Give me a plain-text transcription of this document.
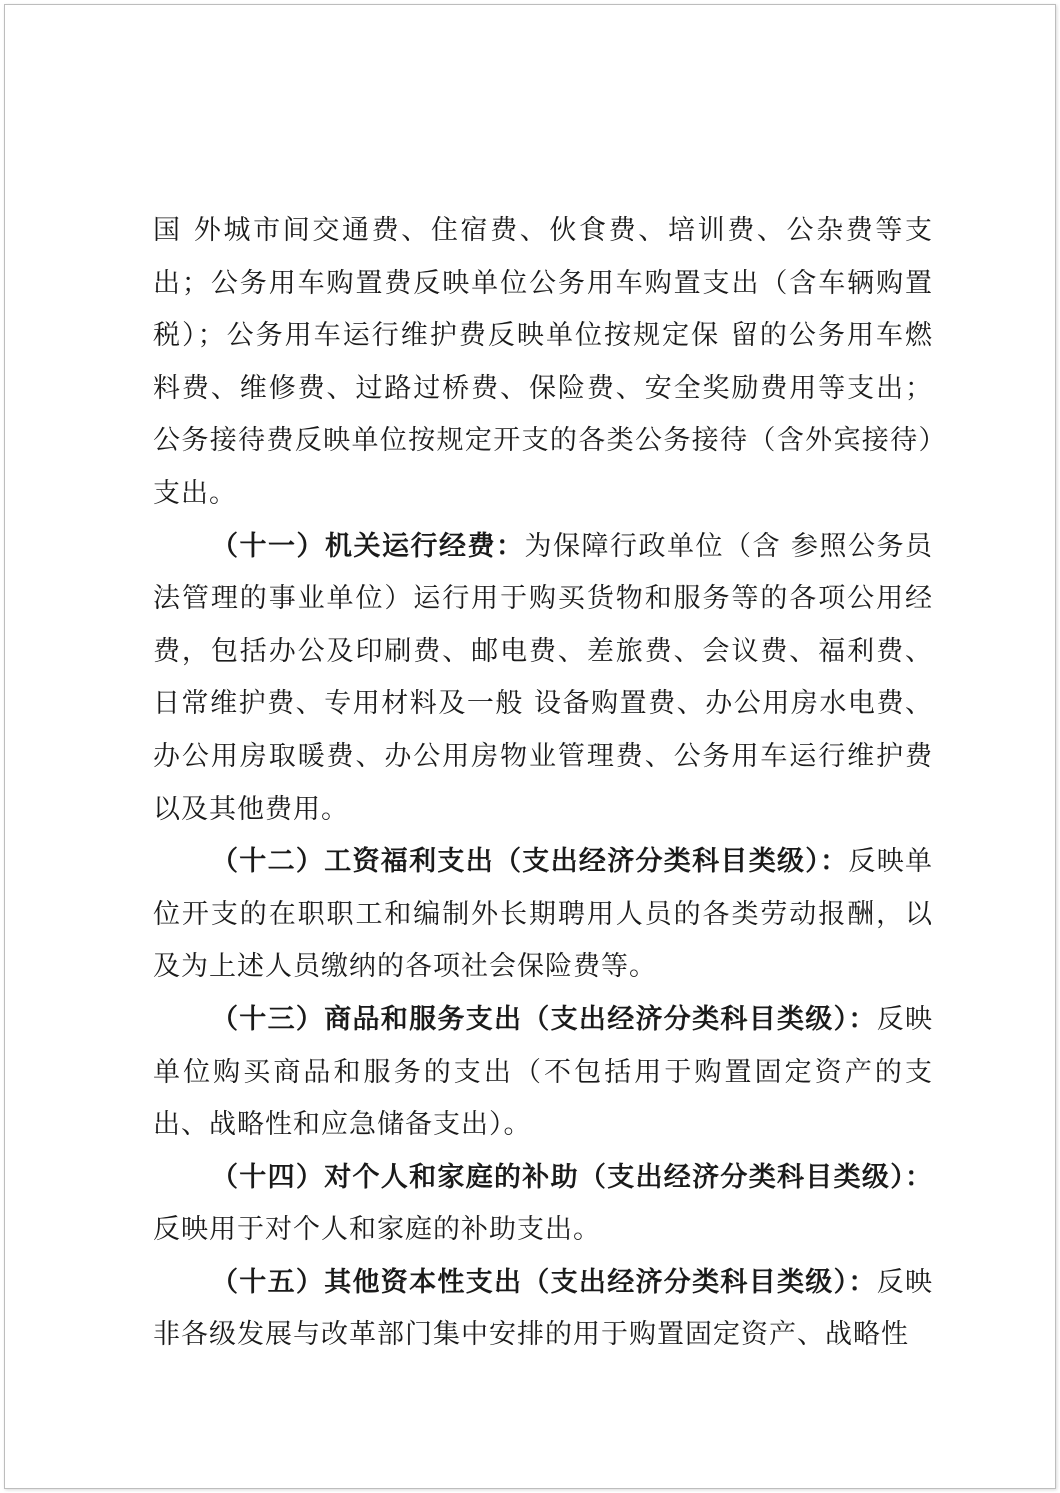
国 外城市间交通费、住宿费、伙食费、培训费、公杂费等支出；公务用车购置费反映单位公务用车购置支出（含车辆购置税）；公务用车运行维护费反映单位按规定保 留的公务用车燃料费、维修费、过路过桥费、保险费、安全奖励费用等支出；公务接待费反映单位按规定开支的各类公务接待（含外宾接待）支出。

（十一）机关运行经费：为保障行政单位（含 参照公务员法管理的事业单位）运行用于购买货物和服务等的各项公用经费，包括办公及印刷费、邮电费、差旅费、会议费、福利费、日常维护费、专用材料及一般 设备购置费、办公用房水电费、办公用房取暖费、办公用房物业管理费、公务用车运行维护费以及其他费用。

（十二）工资福利支出（支出经济分类科目类级）：反映单位开支的在职职工和编制外长期聘用人员的各类劳动报酬，以及为上述人员缴纳的各项社会保险费等。

（十三）商品和服务支出（支出经济分类科目类级）：反映单位购买商品和服务的支出（不包括用于购置固定资产的支出、战略性和应急储备支出）。

（十四）对个人和家庭的补助（支出经济分类科目类级）：反映用于对个人和家庭的补助支出。

（十五）其他资本性支出（支出经济分类科目类级）：反映非各级发展与改革部门集中安排的用于购置固定资产、战略性
